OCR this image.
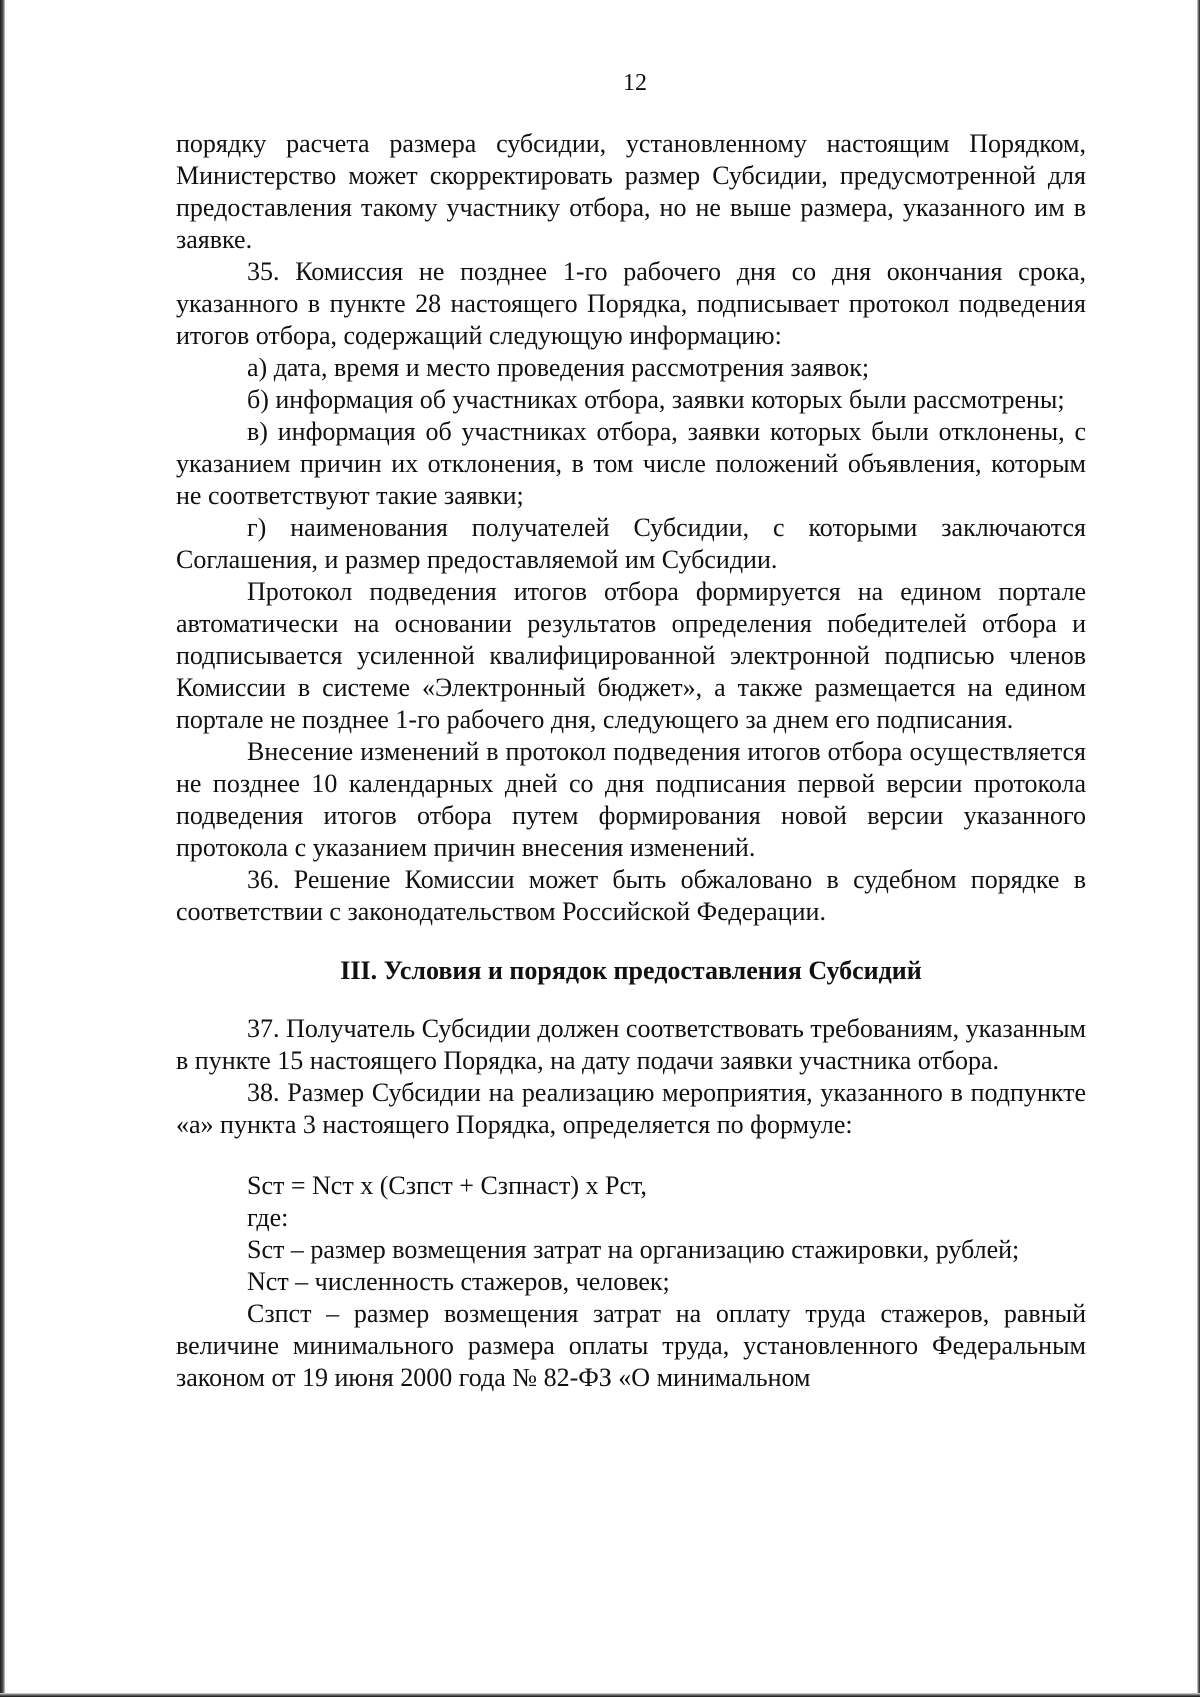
12

порядку расчета размера субсидии, установленному настоящим Порядком, Министерство может скорректировать размер Субсидии, предусмотренной для предоставления такому участнику отбора, но не выше размера, указанного им в заявке.

35. Комиссия не позднее 1-го рабочего дня со дня окончания срока, указанного в пункте 28 настоящего Порядка, подписывает протокол подведения итогов отбора, содержащий следующую информацию:

а) дата, время и место проведения рассмотрения заявок;

б) информация об участниках отбора, заявки которых были рассмотрены;

в) информация об участниках отбора, заявки которых были отклонены, с указанием причин их отклонения, в том числе положений объявления, которым не соответствуют такие заявки;

г) наименования получателей Субсидии, с которыми заключаются Соглашения, и размер предоставляемой им Субсидии.

Протокол подведения итогов отбора формируется на едином портале автоматически на основании результатов определения победителей отбора и подписывается усиленной квалифицированной электронной подписью членов Комиссии в системе «Электронный бюджет», а также размещается на едином портале не позднее 1-го рабочего дня, следующего за днем его подписания.

Внесение изменений в протокол подведения итогов отбора осуществляется не позднее 10 календарных дней со дня подписания первой версии протокола подведения итогов отбора путем формирования новой версии указанного протокола с указанием причин внесения изменений.

36. Решение Комиссии может быть обжаловано в судебном порядке в соответствии с законодательством Российской Федерации.

III. Условия и порядок предоставления Субсидий

37. Получатель Субсидии должен соответствовать требованиям, указанным в пункте 15 настоящего Порядка, на дату подачи заявки участника отбора.

38. Размер Субсидии на реализацию мероприятия, указанного в подпункте «а» пункта 3 настоящего Порядка, определяется по формуле:

Sст = Nст х (Сзпст + Сзпнаст) х Рст,

где:

Sст – размер возмещения затрат на организацию стажировки, рублей;

Nст – численность стажеров, человек;

Сзпст – размер возмещения затрат на оплату труда стажеров, равный величине минимального размера оплаты труда, установленного Федеральным законом от 19 июня 2000 года № 82-ФЗ «О минимальном
